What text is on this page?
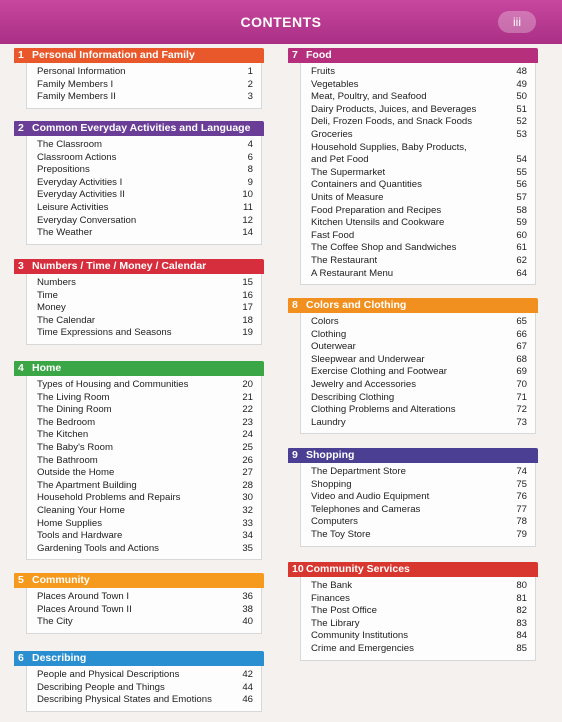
CONTENTS	iii
1 Personal Information and Family
Personal Information	1
Family Members I	2
Family Members II	3
2 Common Everyday Activities and Language
The Classroom	4
Classroom Actions	6
Prepositions	8
Everyday Activities I	9
Everyday Activities II	10
Leisure Activities	11
Everyday Conversation	12
The Weather	14
3 Numbers / Time / Money / Calendar
Numbers	15
Time	16
Money	17
The Calendar	18
Time Expressions and Seasons	19
4 Home
Types of Housing and Communities	20
The Living Room	21
The Dining Room	22
The Bedroom	23
The Kitchen	24
The Baby's Room	25
The Bathroom	26
Outside the Home	27
The Apartment Building	28
Household Problems and Repairs	30
Cleaning Your Home	32
Home Supplies	33
Tools and Hardware	34
Gardening Tools and Actions	35
5 Community
Places Around Town I	36
Places Around Town II	38
The City	40
6 Describing
People and Physical Descriptions	42
Describing People and Things	44
Describing Physical States and Emotions	46
7 Food
Fruits	48
Vegetables	49
Meat, Poultry, and Seafood	50
Dairy Products, Juices, and Beverages	51
Deli, Frozen Foods, and Snack Foods	52
Groceries	53
Household Supplies, Baby Products,
and Pet Food	54
The Supermarket	55
Containers and Quantities	56
Units of Measure	57
Food Preparation and Recipes	58
Kitchen Utensils and Cookware	59
Fast Food	60
The Coffee Shop and Sandwiches	61
The Restaurant	62
A Restaurant Menu	64
8 Colors and Clothing
Colors	65
Clothing	66
Outerwear	67
Sleepwear and Underwear	68
Exercise Clothing and Footwear	69
Jewelry and Accessories	70
Describing Clothing	71
Clothing Problems and Alterations	72
Laundry	73
9 Shopping
The Department Store	74
Shopping	75
Video and Audio Equipment	76
Telephones and Cameras	77
Computers	78
The Toy Store	79
10 Community Services
The Bank	80
Finances	81
The Post Office	82
The Library	83
Community Institutions	84
Crime and Emergencies	85
